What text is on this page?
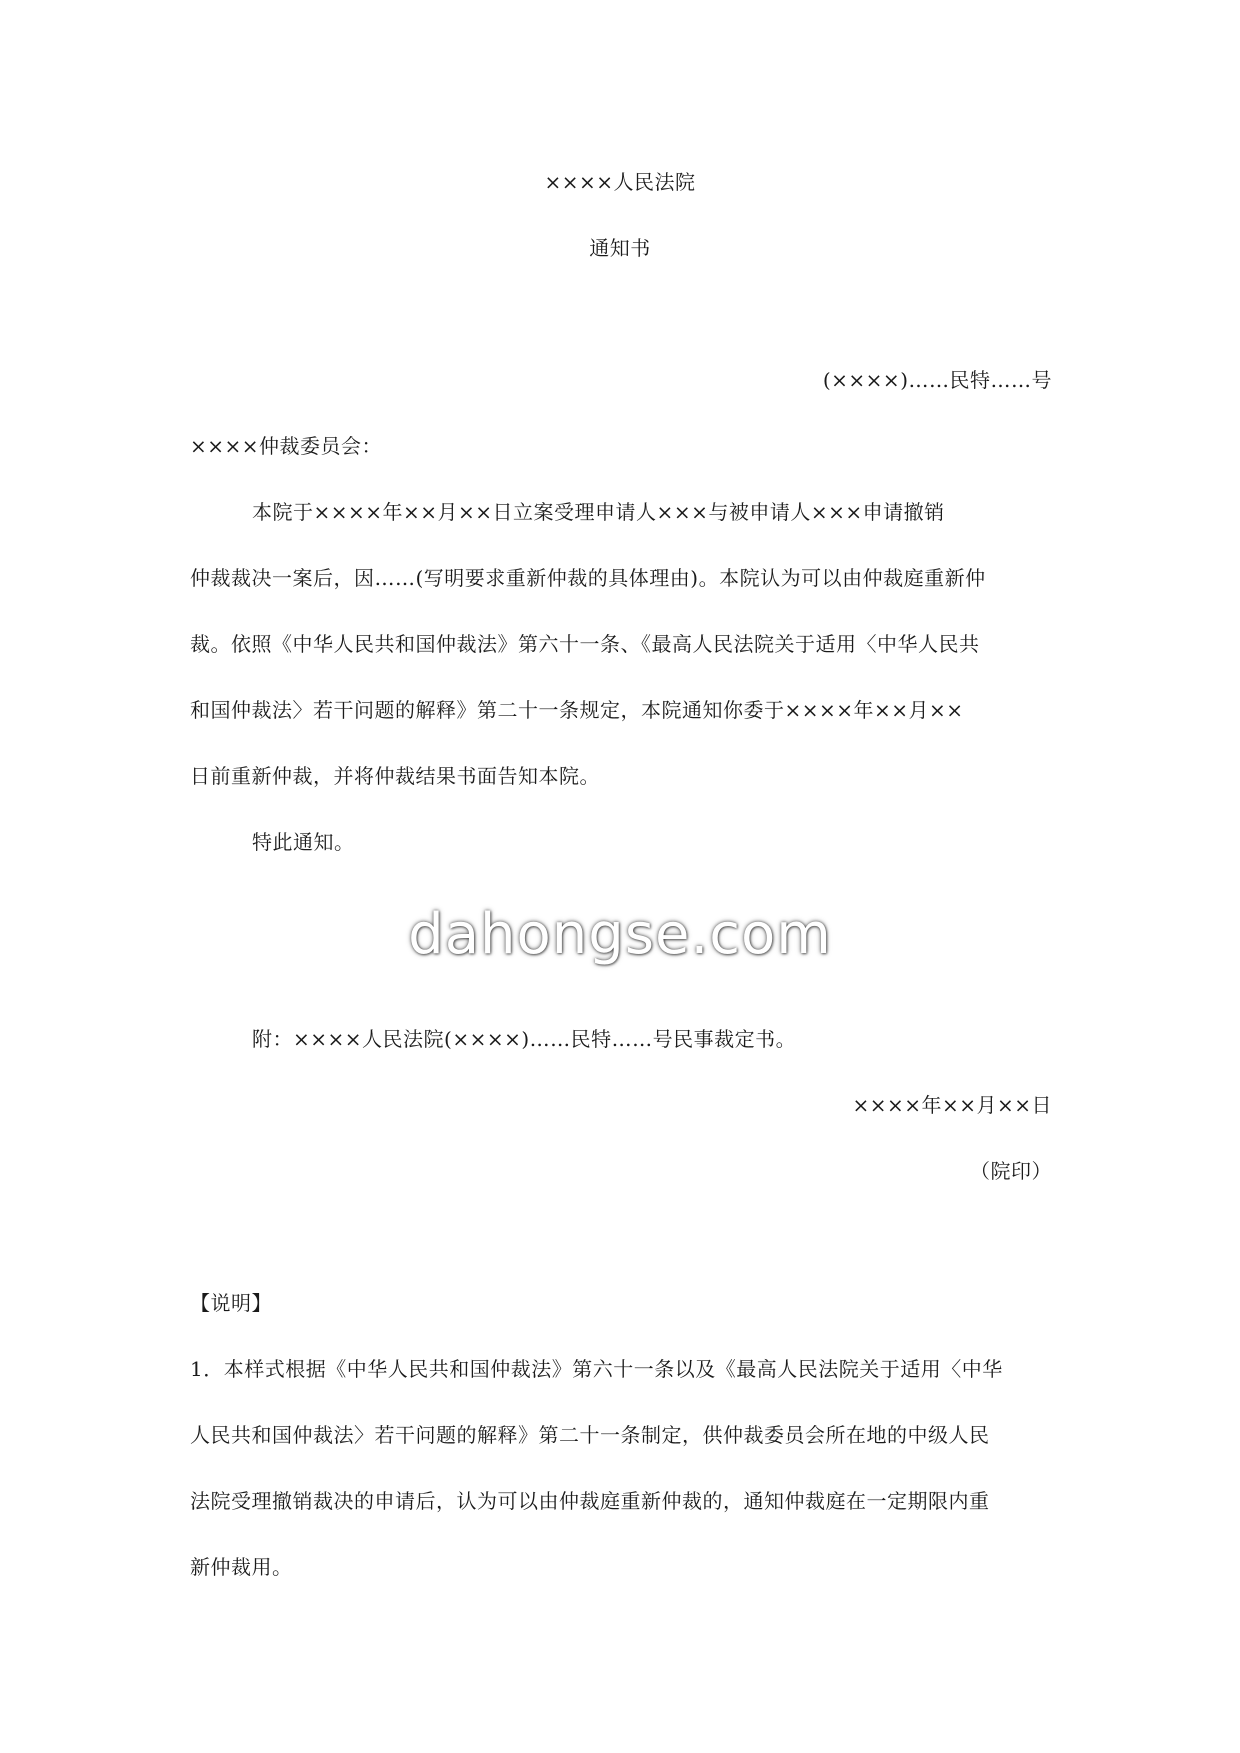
××××人民法院
通知书
(××××)……民特……号
××××仲裁委员会：
本院于××××年××月××日立案受理申请人×××与被申请人×××申请撤销
仲裁裁决一案后，因……(写明要求重新仲裁的具体理由)。本院认为可以由仲裁庭重新仲
裁。依照《中华人民共和国仲裁法》第六十一条、《最高人民法院关于适用〈中华人民共
和国仲裁法〉若干问题的解释》第二十一条规定，本院通知你委于××××年××月××
日前重新仲裁，并将仲裁结果书面告知本院。
特此通知。
dahongse.com
附：××××人民法院(××××)……民特……号民事裁定书。
××××年××月××日
（院印）
【说明】
1．本样式根据《中华人民共和国仲裁法》第六十一条以及《最高人民法院关于适用〈中华
人民共和国仲裁法〉若干问题的解释》第二十一条制定，供仲裁委员会所在地的中级人民
法院受理撤销裁决的申请后，认为可以由仲裁庭重新仲裁的，通知仲裁庭在一定期限内重
新仲裁用。
